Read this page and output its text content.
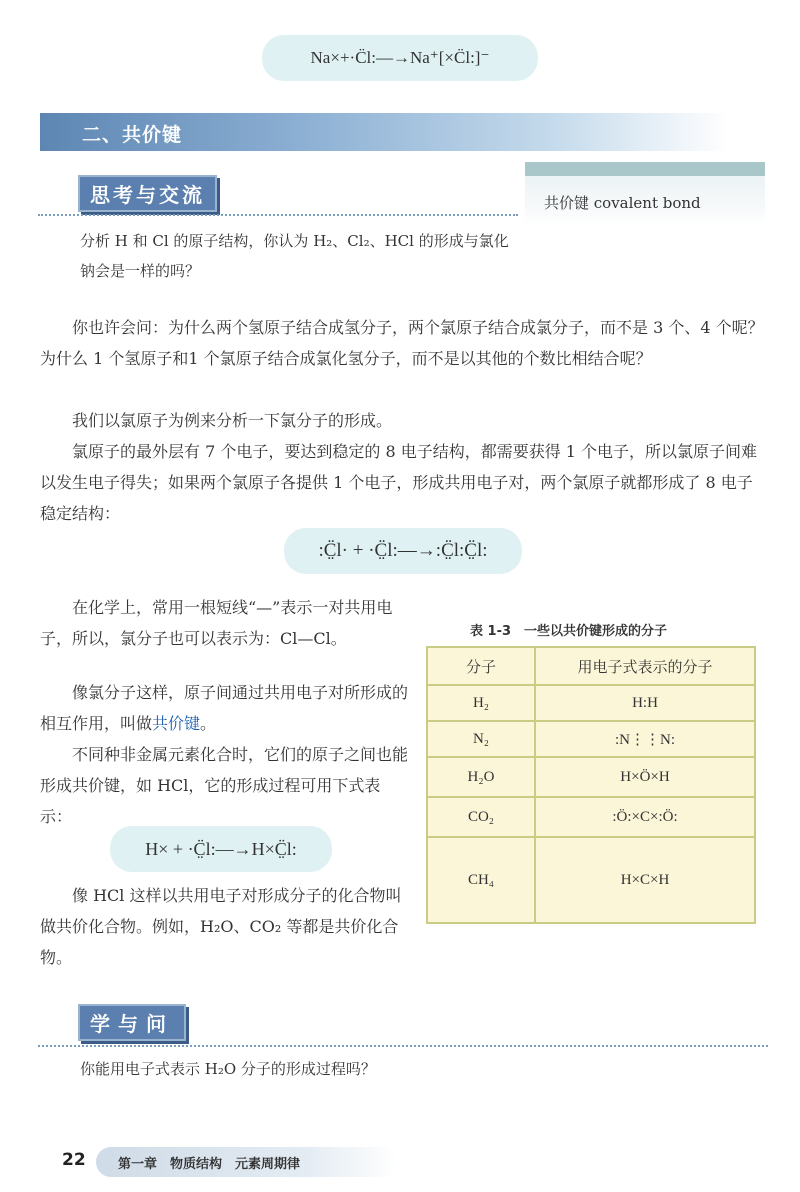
Na×+·C̈l:—→Na⁺[×C̈l:]⁻
二、共价键
思考与交流
分析 H 和 Cl 的原子结构，你认为 H₂、Cl₂、HCl 的形成与氯化钠会是一样的吗？
共价键 covalent bond
你也许会问：为什么两个氢原子结合成氢分子，两个氯原子结合成氯分子，而不是 3 个、4 个呢？为什么 1 个氢原子和1 个氯原子结合成氯化氢分子，而不是以其他的个数比相结合呢？
我们以氯原子为例来分析一下氯分子的形成。
氯原子的最外层有 7 个电子，要达到稳定的 8 电子结构，都需要获得 1 个电子，所以氯原子间难以发生电子得失；如果两个氯原子各提供 1 个电子，形成共用电子对，两个氯原子就都形成了 8 电子稳定结构：
:C̤̈l· + ·C̤̈l:—→:C̤̈l:C̤̈l:
在化学上，常用一根短线“—”表示一对共用电子，所以，氯分子也可以表示为：Cl—Cl。
像氯分子这样，原子间通过共用电子对所形成的相互作用，叫做共价键。
不同种非金属元素化合时，它们的原子之间也能形成共价键，如 HCl，它的形成过程可用下式表示：
H× + ·C̤̈l:—→H×C̤̈l:
像 HCl 这样以共用电子对形成分子的化合物叫做共价化合物。例如，H₂O、CO₂ 等都是共价化合物。
表 1-3　一些以共价键形成的分子
分子	用电子式表示的分子
H₂	H:H
N₂	:N⋮⋮N:
H₂O	H×Ö×H
CO₂	:Ö:×C×:Ö:
CH₄	H×C×H
学与问
你能用电子式表示 H₂O 分子的形成过程吗？
22 第一章　物质结构　元素周期律
